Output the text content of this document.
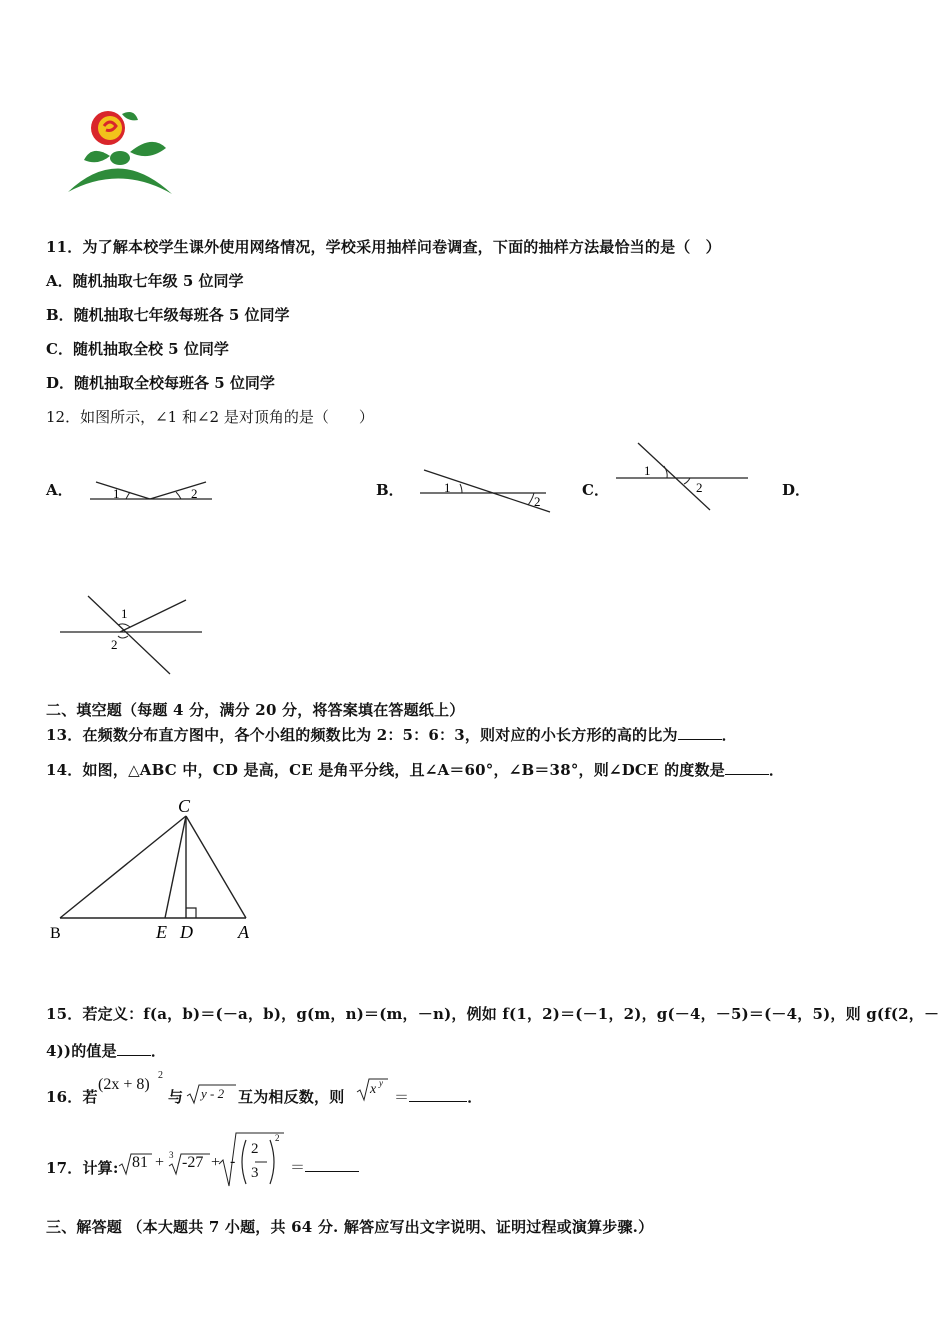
11．为了解本校学生课外使用网络情况，学校采用抽样问卷调查，下面的抽样方法最恰当的是（　）
A．随机抽取七年级 5 位同学
B．随机抽取七年级每班各 5 位同学
C．随机抽取全校 5 位同学
D．随机抽取全校每班各 5 位同学
12．如图所示，∠1 和∠2 是对顶角的是（　　）
A．	1	2	B．	1
2
C．
1
2	D．
1
2
二、填空题（每题 4 分，满分 20 分，将答案填在答题纸上）
13．在频数分布直方图中，各个小组的频数比为 2：5：6：3，则对应的小长方形的高的比为	．
14．如图，△ABC 中，CD 是高，CE 是角平分线，且∠A＝60°，∠B＝38°，则∠DCE 的度数是	．
C
B	E D	A
15．若定义：f(a，b)＝(－a，b)，g(m，n)＝(m，－n)，例如 f(1，2)＝(－1，2)，g(－4，－5)＝(－4，5)，则 g(f(2，－
4))的值是 ．
16．若
(2x + 8)
2
与 y - 2 互为相反数，则 x y
＝	．
17．计算: 81 + 3 -27 + -
2
3
2
＝
三、解答题 （本大题共 7 小题，共 64 分. 解答应写出文字说明、证明过程或演算步骤.）
